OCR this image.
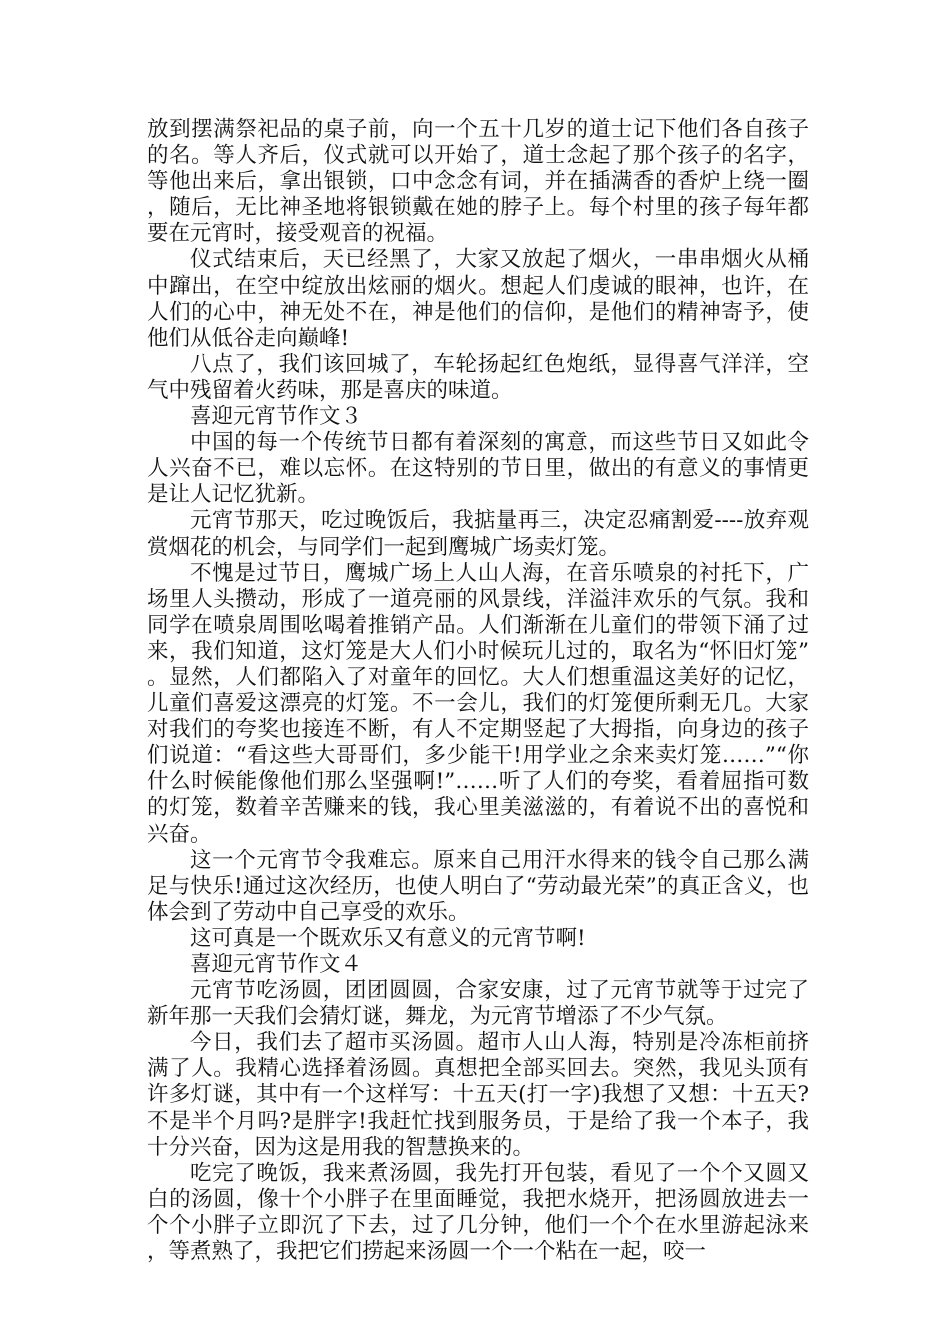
放到摆满祭祀品的桌子前，向一个五十几岁的道士记下他们各自孩子的名。等人齐后，仪式就可以开始了，道士念起了那个孩子的名字，等他出来后，拿出银锁，口中念念有词，并在插满香的香炉上绕一圈，随后，无比神圣地将银锁戴在她的脖子上。每个村里的孩子每年都要在元宵时，接受观音的祝福。

仪式结束后，天已经黑了，大家又放起了烟火，一串串烟火从桶中蹿出，在空中绽放出炫丽的烟火。想起人们虔诚的眼神，也许，在人们的心中，神无处不在，神是他们的信仰，是他们的精神寄予，使他们从低谷走向巅峰!

八点了，我们该回城了，车轮扬起红色炮纸，显得喜气洋洋，空气中残留着火药味，那是喜庆的味道。

喜迎元宵节作文３

中国的每一个传统节日都有着深刻的寓意，而这些节日又如此令人兴奋不已，难以忘怀。在这特别的节日里，做出的有意义的事情更是让人记忆犹新。

元宵节那天，吃过晚饭后，我掂量再三，决定忍痛割爱----放弃观赏烟花的机会，与同学们一起到鹰城广场卖灯笼。

不愧是过节日，鹰城广场上人山人海，在音乐喷泉的衬托下，广场里人头攒动，形成了一道亮丽的风景线，洋溢沣欢乐的气氛。我和同学在喷泉周围吆喝着推销产品。人们渐渐在儿童们的带领下涌了过来，我们知道，这灯笼是大人们小时候玩儿过的，取名为“怀旧灯笼”。显然，人们都陷入了对童年的回忆。大人们想重温这美好的记忆，儿童们喜爱这漂亮的灯笼。不一会儿，我们的灯笼便所剩无几。大家对我们的夸奖也接连不断，有人不定期竖起了大拇指，向身边的孩子们说道：“看这些大哥哥们，多少能干!用学业之余来卖灯笼……”“你什么时候能像他们那么坚强啊!”……听了人们的夸奖，看着屈指可数的灯笼，数着辛苦赚来的钱，我心里美滋滋的，有着说不出的喜悦和兴奋。

这一个元宵节令我难忘。原来自己用汗水得来的钱令自己那么满足与快乐!通过这次经历，也使人明白了“劳动最光荣”的真正含义，也体会到了劳动中自己享受的欢乐。

这可真是一个既欢乐又有意义的元宵节啊!

喜迎元宵节作文４

元宵节吃汤圆，团团圆圆，合家安康，过了元宵节就等于过完了新年那一天我们会猜灯谜，舞龙，为元宵节增添了不少气氛。

今日，我们去了超市买汤圆。超市人山人海，特别是冷冻柜前挤满了人。我精心选择着汤圆。真想把全部买回去。突然，我见头顶有许多灯谜，其中有一个这样写：十五天(打一字)我想了又想：十五天?不是半个月吗?是胖字!我赶忙找到服务员，于是给了我一个本子，我十分兴奋，因为这是用我的智慧换来的。

吃完了晚饭，我来煮汤圆，我先打开包装，看见了一个个又圆又白的汤圆，像十个小胖子在里面睡觉，我把水烧开，把汤圆放进去一个个小胖子立即沉了下去，过了几分钟，他们一个个在水里游起泳来，等煮熟了，我把它们捞起来汤圆一个一个粘在一起，咬一
